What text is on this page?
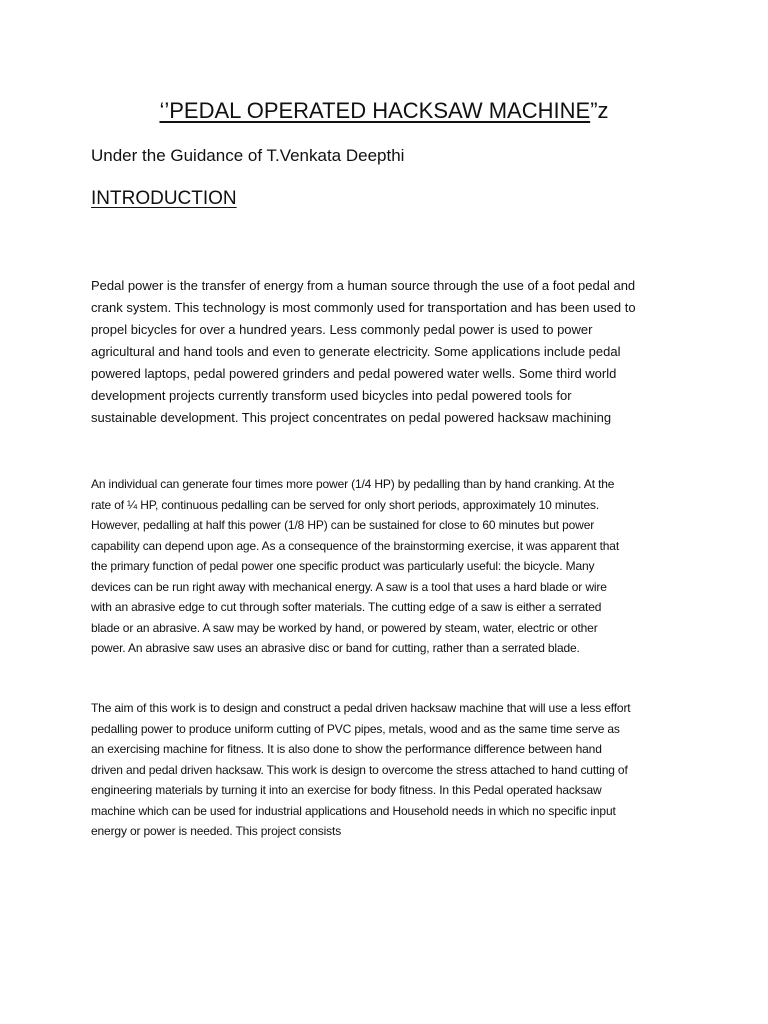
‘’PEDAL OPERATED HACKSAW MACHINE”z
Under the Guidance of T.Venkata Deepthi
INTRODUCTION

Pedal power is the transfer of energy from a human source through the use of a foot pedal and
crank system. This technology is most commonly used for transportation and has been used to
propel bicycles for over a hundred years. Less commonly pedal power is used to power
agricultural and hand tools and even to generate electricity. Some applications include pedal
powered laptops, pedal powered grinders and pedal powered water wells. Some third world
development projects currently transform used bicycles into pedal powered tools for
sustainable development. This project concentrates on pedal powered hacksaw machining

An individual can generate four times more power (1/4 HP) by pedalling than by hand cranking. At the
rate of ¼ HP, continuous pedalling can be served for only short periods, approximately 10 minutes.
However, pedalling at half this power (1/8 HP) can be sustained for close to 60 minutes but power
capability can depend upon age. As a consequence of the brainstorming exercise, it was apparent that
the primary function of pedal power one specific product was particularly useful: the bicycle. Many
devices can be run right away with mechanical energy. A saw is a tool that uses a hard blade or wire
with an abrasive edge to cut through softer materials. The cutting edge of a saw is either a serrated
blade or an abrasive. A saw may be worked by hand, or powered by steam, water, electric or other
power. An abrasive saw uses an abrasive disc or band for cutting, rather than a serrated blade.

The aim of this work is to design and construct a pedal driven hacksaw machine that will use a less effort
pedalling power to produce uniform cutting of PVC pipes, metals, wood and as the same time serve as
an exercising machine for fitness. It is also done to show the performance difference between hand
driven and pedal driven hacksaw. This work is design to overcome the stress attached to hand cutting of
engineering materials by turning it into an exercise for body fitness. In this Pedal operated hacksaw
machine which can be used for industrial applications and Household needs in which no specific input
energy or power is needed. This project consists
